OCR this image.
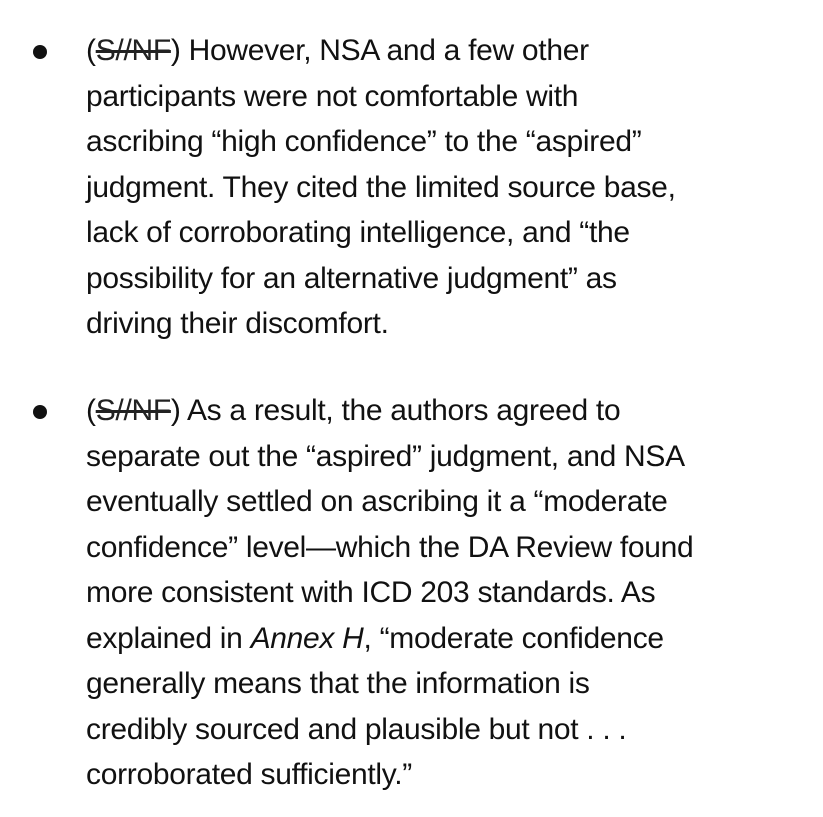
(S//NF) However, NSA and a few other
participants were not comfortable with
ascribing “high confidence” to the “aspired”
judgment. They cited the limited source base,
lack of corroborating intelligence, and “the
possibility for an alternative judgment” as
driving their discomfort.

(S//NF) As a result, the authors agreed to
separate out the “aspired” judgment, and NSA
eventually settled on ascribing it a “moderate
confidence” level—which the DA Review found
more consistent with ICD 203 standards. As
explained in Annex H, “moderate confidence
generally means that the information is
credibly sourced and plausible but not . . .
corroborated sufficiently.”
